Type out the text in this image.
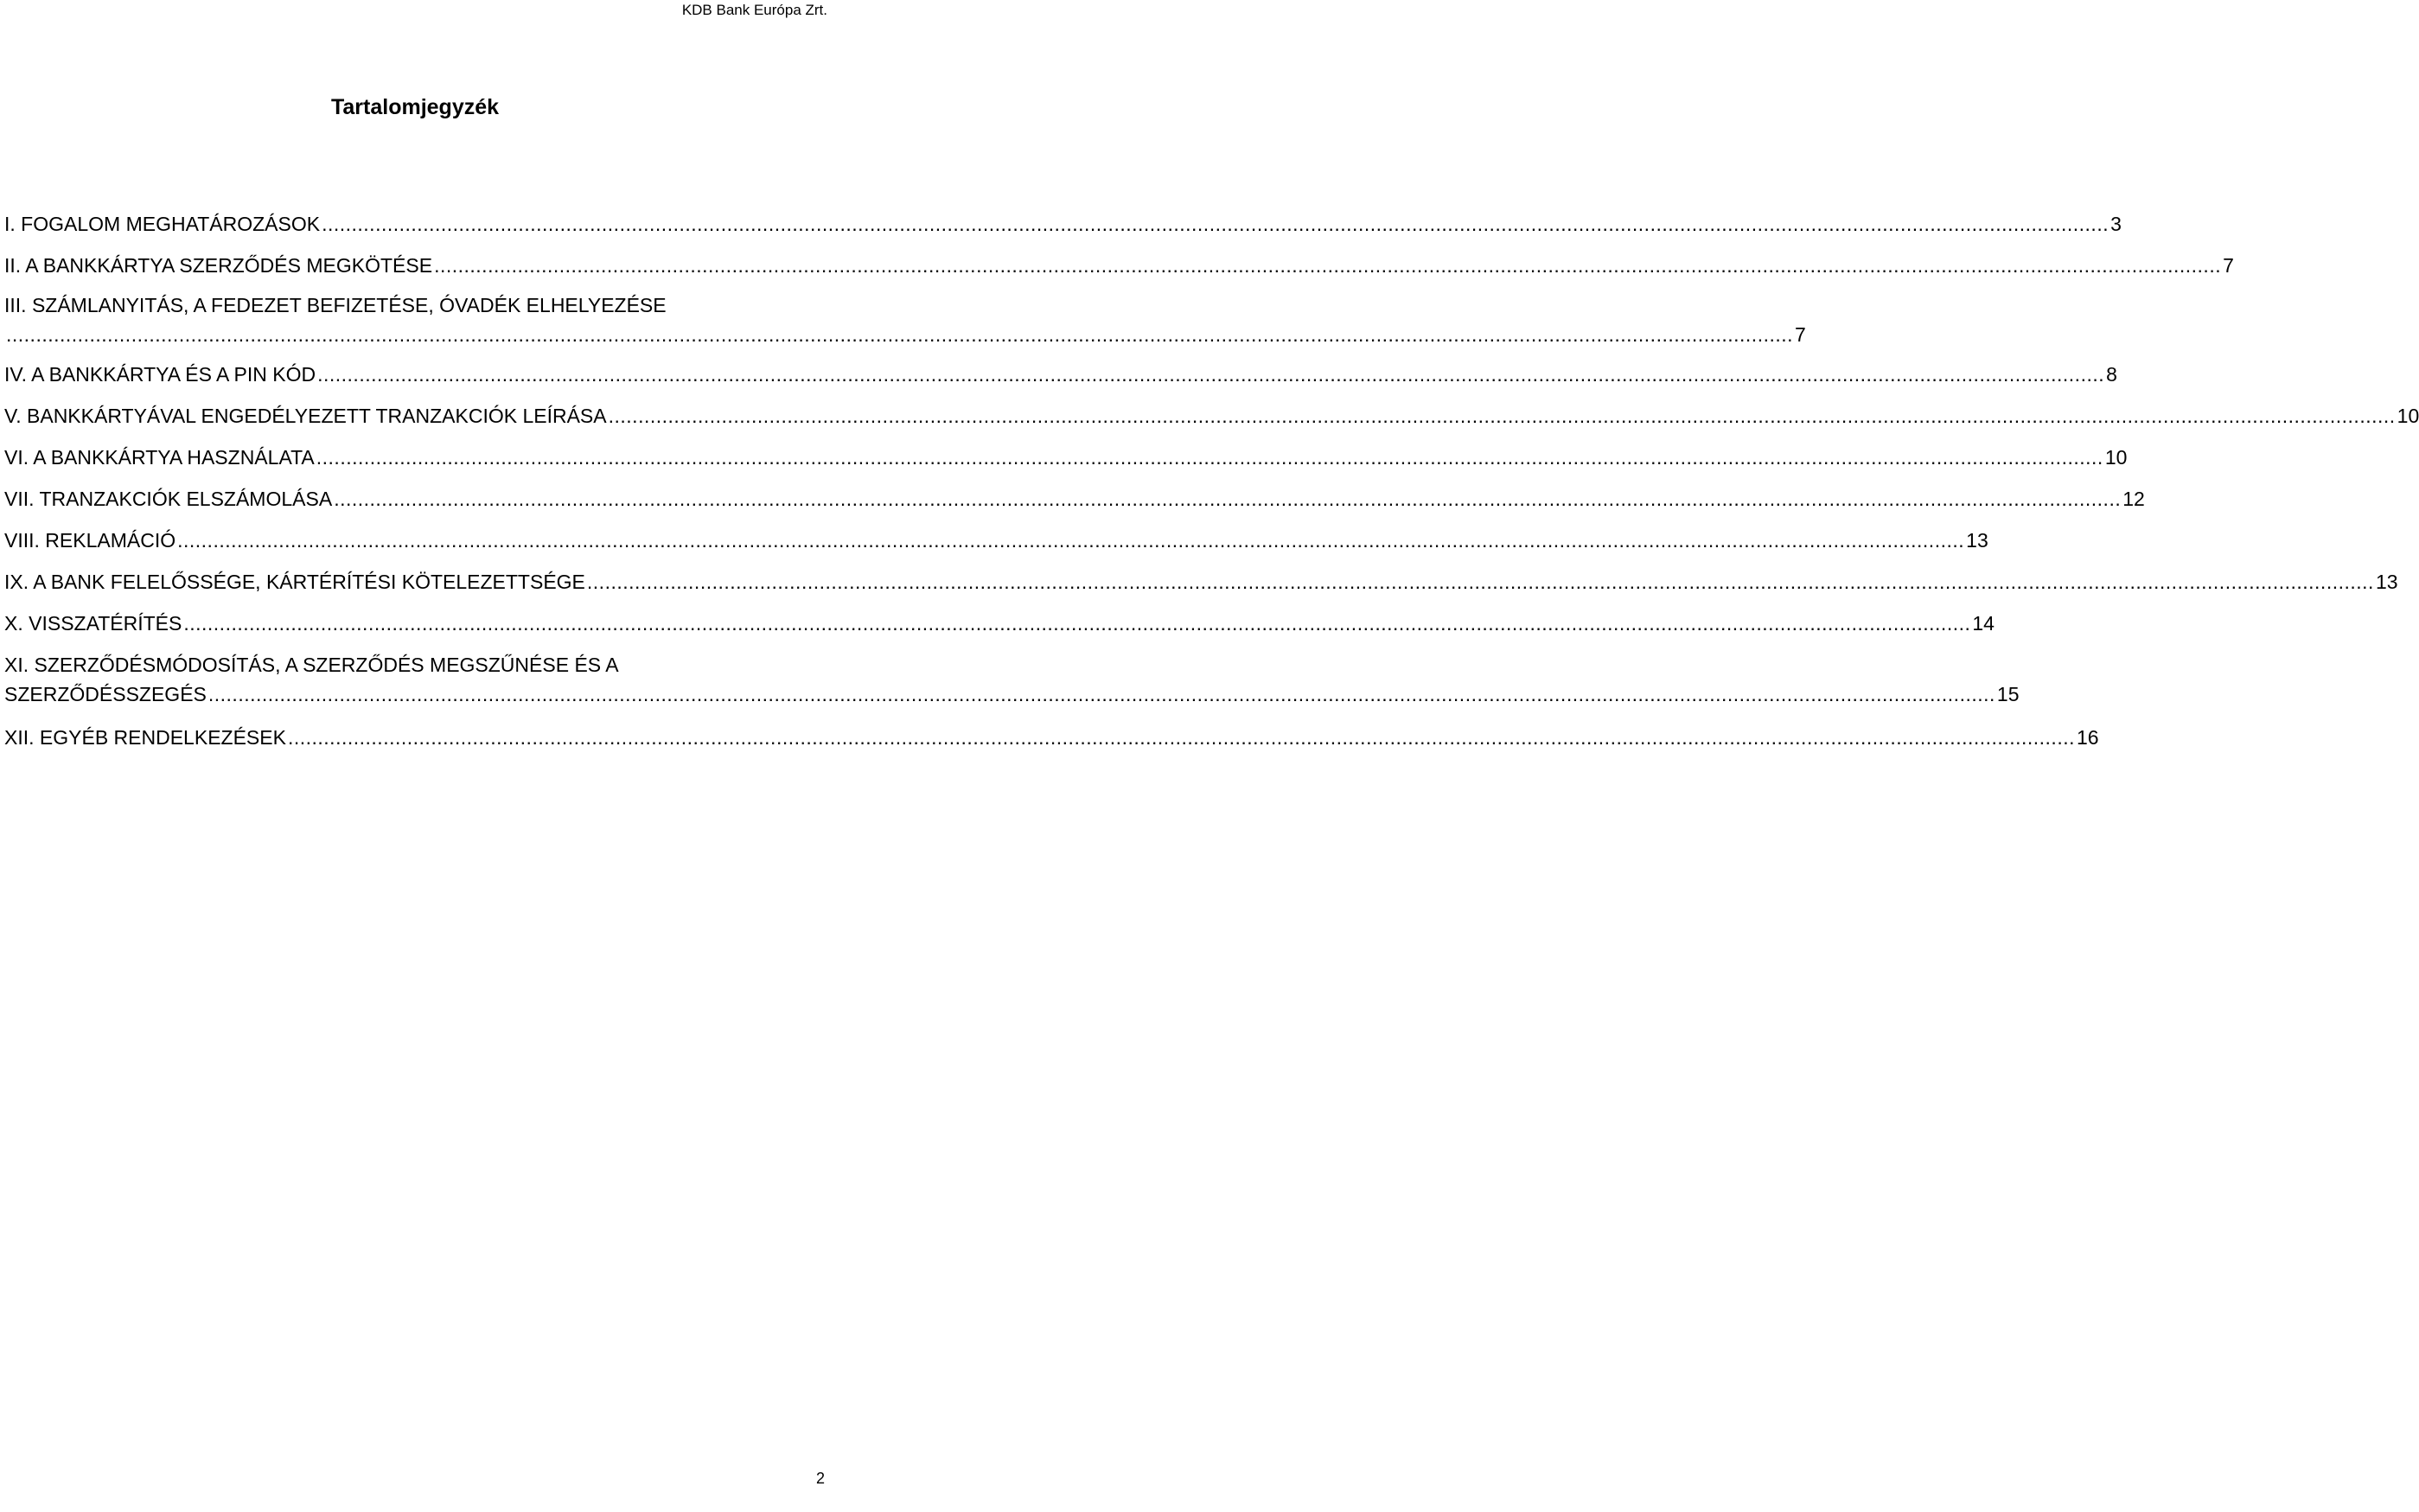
KDB Bank Európa Zrt.
Tartalomjegyzék
I. FOGALOM MEGHATÁROZÁSOK ............................................................................................................................................................................................................................................................................................................ 3
II. A BANKKÁRTYA SZERZŐDÉS MEGKÖTÉSE ............................................................................................................................................................................................................................................................................................................ 7
III. SZÁMLANYITÁS, A FEDEZET BEFIZETÉSE, ÓVADÉK ELHELYEZÉSE
............................................................................................................................................................................................................................................................................................................ 7
IV. A BANKKÁRTYA ÉS A PIN KÓD ............................................................................................................................................................................................................................................................................................................ 8
V. BANKKÁRTYÁVAL ENGEDÉLYEZETT TRANZAKCIÓK LEÍRÁSA ............................................................................................................................................................................................................................................................................................................ 10
VI. A BANKKÁRTYA HASZNÁLATA ............................................................................................................................................................................................................................................................................................................ 10
VII. TRANZAKCIÓK ELSZÁMOLÁSA ............................................................................................................................................................................................................................................................................................................ 12
VIII. REKLAMÁCIÓ ............................................................................................................................................................................................................................................................................................................ 13
IX. A BANK FELELŐSSÉGE, KÁRTÉRÍTÉSI KÖTELEZETTSÉGE ............................................................................................................................................................................................................................................................................................................ 13
X. VISSZATÉRÍTÉS ............................................................................................................................................................................................................................................................................................................ 14
XI. SZERZŐDÉSMÓDOSÍTÁS, A SZERZŐDÉS MEGSZŰNÉSE ÉS A
SZERZŐDÉSSZEGÉS ............................................................................................................................................................................................................................................................................................................ 15
XII. EGYÉB RENDELKEZÉSEK ............................................................................................................................................................................................................................................................................................................ 16
2
